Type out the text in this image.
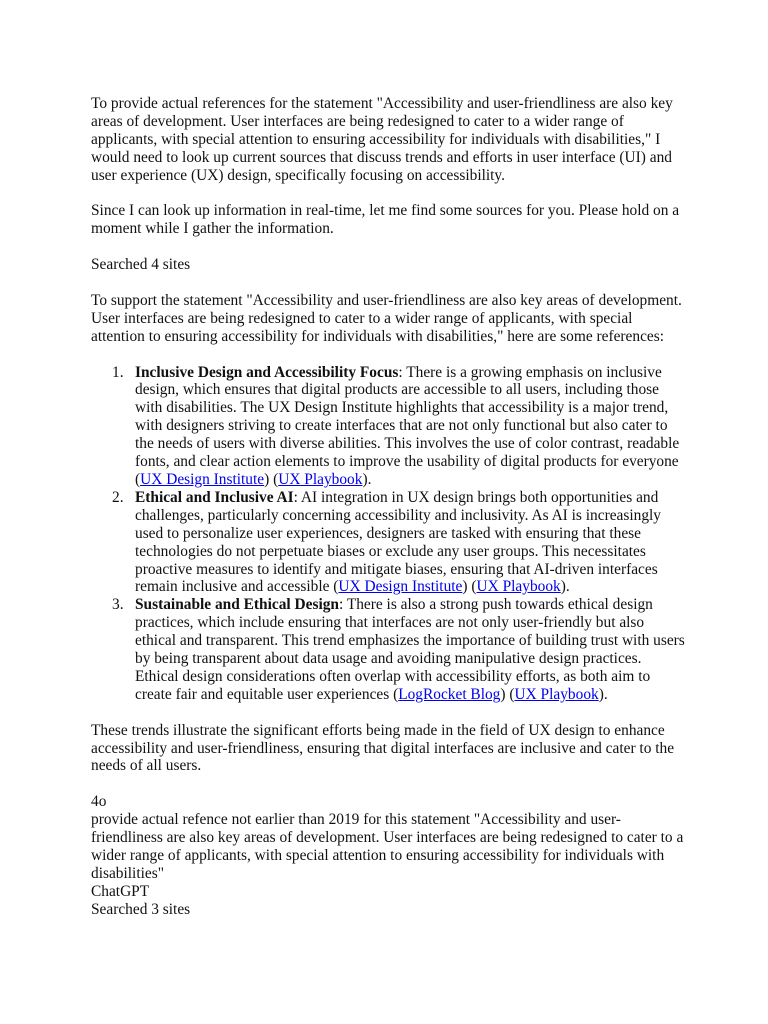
To provide actual references for the statement "Accessibility and user-friendliness are also key areas of development. User interfaces are being redesigned to cater to a wider range of applicants, with special attention to ensuring accessibility for individuals with disabilities," I would need to look up current sources that discuss trends and efforts in user interface (UI) and user experience (UX) design, specifically focusing on accessibility.

Since I can look up information in real-time, let me find some sources for you. Please hold on a moment while I gather the information.

Searched 4 sites

To support the statement "Accessibility and user-friendliness are also key areas of development. User interfaces are being redesigned to cater to a wider range of applicants, with special attention to ensuring accessibility for individuals with disabilities," here are some references:

1. Inclusive Design and Accessibility Focus: There is a growing emphasis on inclusive design, which ensures that digital products are accessible to all users, including those with disabilities. The UX Design Institute highlights that accessibility is a major trend, with designers striving to create interfaces that are not only functional but also cater to the needs of users with diverse abilities. This involves the use of color contrast, readable fonts, and clear action elements to improve the usability of digital products for everyone (UX Design Institute) (UX Playbook).
2. Ethical and Inclusive AI: AI integration in UX design brings both opportunities and challenges, particularly concerning accessibility and inclusivity. As AI is increasingly used to personalize user experiences, designers are tasked with ensuring that these technologies do not perpetuate biases or exclude any user groups. This necessitates proactive measures to identify and mitigate biases, ensuring that AI-driven interfaces remain inclusive and accessible (UX Design Institute) (UX Playbook).
3. Sustainable and Ethical Design: There is also a strong push towards ethical design practices, which include ensuring that interfaces are not only user-friendly but also ethical and transparent. This trend emphasizes the importance of building trust with users by being transparent about data usage and avoiding manipulative design practices. Ethical design considerations often overlap with accessibility efforts, as both aim to create fair and equitable user experiences (LogRocket Blog) (UX Playbook).

These trends illustrate the significant efforts being made in the field of UX design to enhance accessibility and user-friendliness, ensuring that digital interfaces are inclusive and cater to the needs of all users.

4o
provide actual refence not earlier than 2019 for this statement "Accessibility and user-friendliness are also key areas of development. User interfaces are being redesigned to cater to a wider range of applicants, with special attention to ensuring accessibility for individuals with disabilities"
ChatGPT
Searched 3 sites
